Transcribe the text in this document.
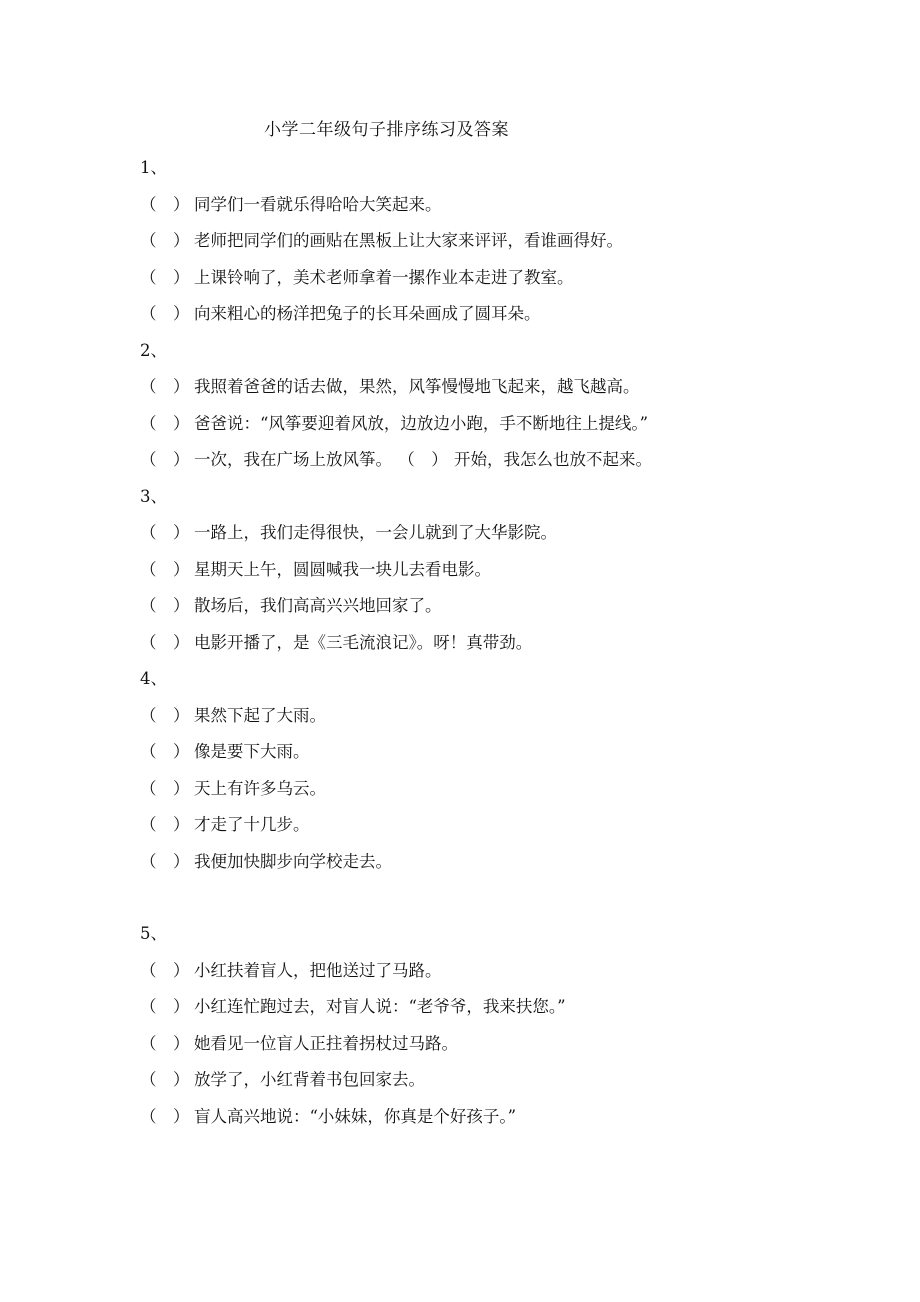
小学二年级句子排序练习及答案
1、
（　） 同学们一看就乐得哈哈大笑起来。
（　） 老师把同学们的画贴在黑板上让大家来评评，看谁画得好。
（　） 上课铃响了，美术老师拿着一摞作业本走进了教室。
（　） 向来粗心的杨洋把兔子的长耳朵画成了圆耳朵。
2、
（　） 我照着爸爸的话去做，果然，风筝慢慢地飞起来，越飞越高。
（　） 爸爸说：“风筝要迎着风放，边放边小跑，手不断地往上提线。”
（　） 一次，我在广场上放风筝。 （　） 开始，我怎么也放不起来。
3、
（　） 一路上，我们走得很快，一会儿就到了大华影院。
（　） 星期天上午，圆圆喊我一块儿去看电影。
（　） 散场后，我们高高兴兴地回家了。
（　） 电影开播了，是《三毛流浪记》。呀！真带劲。
4、
（　） 果然下起了大雨。
（　） 像是要下大雨。
（　） 天上有许多乌云。
（　） 才走了十几步。
（　） 我便加快脚步向学校走去。
5、
（　） 小红扶着盲人，把他送过了马路。
（　） 小红连忙跑过去，对盲人说：“老爷爷，我来扶您。”
（　） 她看见一位盲人正拄着拐杖过马路。
（　） 放学了，小红背着书包回家去。
（　） 盲人高兴地说：“小妹妹，你真是个好孩子。”
